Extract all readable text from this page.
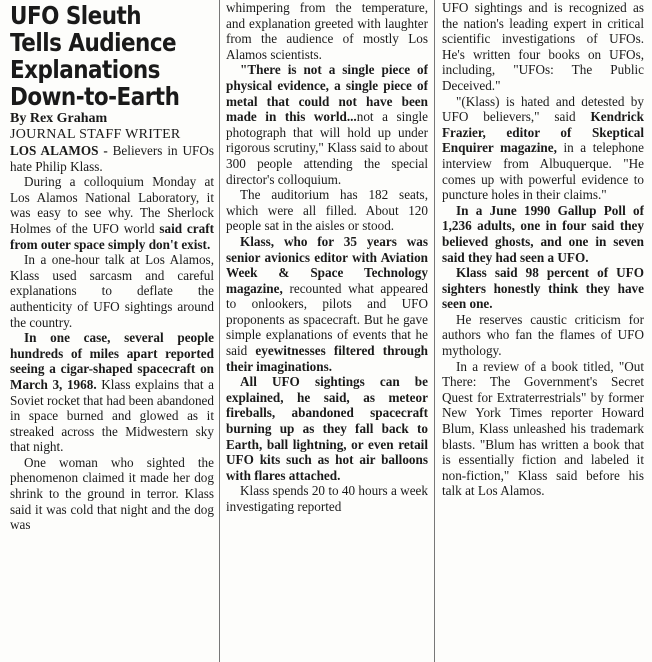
UFO Sleuth
Tells Audience
Explanations
Down-to-Earth
By Rex Graham
JOURNAL STAFF WRITER

LOS ALAMOS - Believers in UFOs hate Philip Klass.

During a colloquium Monday at Los Alamos National Laboratory, it was easy to see why. The Sherlock Holmes of the UFO world said craft from outer space simply don't exist.

In a one-hour talk at Los Alamos, Klass used sarcasm and careful explanations to deflate the authenticity of UFO sightings around the country.

In one case, several people hundreds of miles apart reported seeing a cigar-shaped spacecraft on March 3, 1968. Klass explains that a Soviet rocket that had been abandoned in space burned and glowed as it streaked across the Midwestern sky that night.

One woman who sighted the phenomenon claimed it made her dog shrink to the ground in terror. Klass said it was cold that night and the dog was

whimpering from the temperature, and explanation greeted with laughter from the audience of mostly Los Alamos scientists.

"There is not a single piece of physical evidence, a single piece of metal that could not have been made in this world...not a single photograph that will hold up under rigorous scrutiny," Klass said to about 300 people attending the special director's colloquium.

The auditorium has 182 seats, which were all filled. About 120 people sat in the aisles or stood.

Klass, who for 35 years was senior avionics editor with Aviation Week & Space Technology magazine, recounted what appeared to onlookers, pilots and UFO proponents as spacecraft. But he gave simple explanations of events that he said eyewitnesses filtered through their imaginations.

All UFO sightings can be explained, he said, as meteor fireballs, abandoned spacecraft burning up as they fall back to Earth, ball lightning, or even retail UFO kits such as hot air balloons with flares attached.

Klass spends 20 to 40 hours a week investigating reported

UFO sightings and is recognized as the nation's leading expert in critical scientific investigations of UFOs. He's written four books on UFOs, including, "UFOs: The Public Deceived."

"(Klass) is hated and detested by UFO believers," said Kendrick Frazier, editor of Skeptical Enquirer magazine, in a telephone interview from Albuquerque. "He comes up with powerful evidence to puncture holes in their claims."

In a June 1990 Gallup Poll of 1,236 adults, one in four said they believed ghosts, and one in seven said they had seen a UFO.

Klass said 98 percent of UFO sighters honestly think they have seen one.

He reserves caustic criticism for authors who fan the flames of UFO mythology.

In a review of a book titled, "Out There: The Government's Secret Quest for Extraterrestrials" by former New York Times reporter Howard Blum, Klass unleashed his trademark blasts. "Blum has written a book that is essentially fiction and labeled it non-fiction," Klass said before his talk at Los Alamos.
